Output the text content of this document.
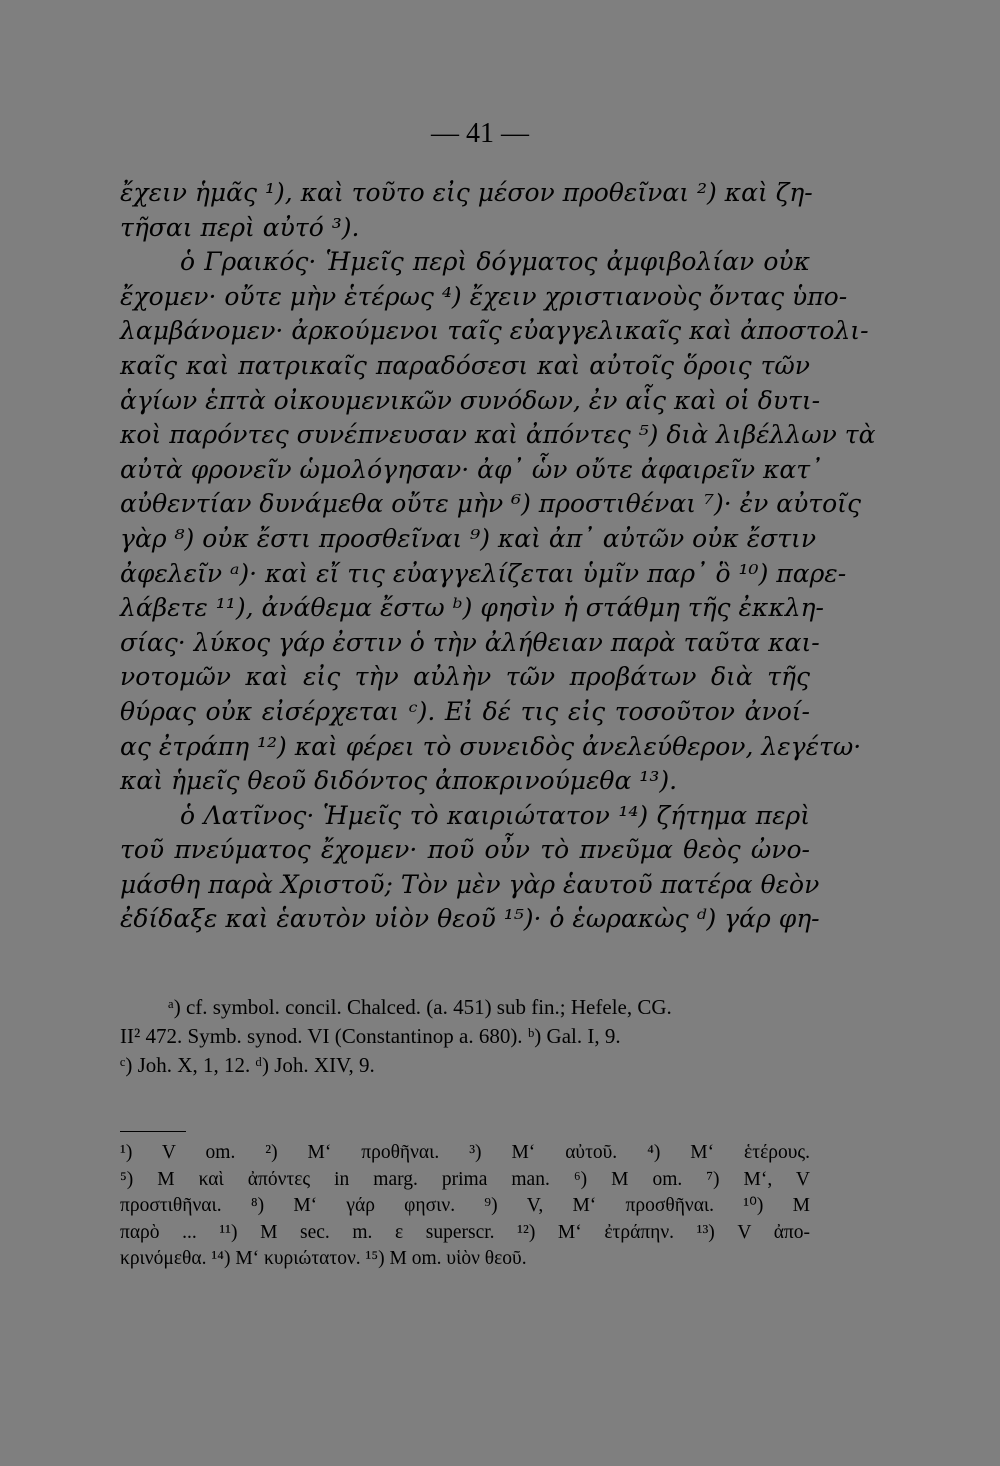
— 41 —
ἔχειν ἡμᾶς ¹), καὶ τοῦτο εἰς μέσον προθεῖναι ²) καὶ ζη-
τῆσαι περὶ αὐτό ³).
ὁ Γραικός· Ἡμεῖς περὶ δόγματος ἀμφιβολίαν οὐκ
ἔχομεν· οὔτε μὴν ἑτέρως ⁴) ἔχειν χριστιανοὺς ὄντας ὑπο-
λαμβάνομεν· ἀρκούμενοι ταῖς εὐαγγελικαῖς καὶ ἀποστολι-
καῖς καὶ πατρικαῖς παραδόσεσι καὶ αὐτοῖς ὅροις τῶν
ἁγίων ἑπτὰ οἰκουμενικῶν συνόδων, ἐν αἷς καὶ οἱ δυτι-
κοὶ παρόντες συνέπνευσαν καὶ ἀπόντες ⁵) διὰ λιβέλλων τὰ
αὐτὰ φρονεῖν ὡμολόγησαν· ἀφ᾽ ὧν οὔτε ἀφαιρεῖν κατ᾽
αὐθεντίαν δυνάμεθα οὔτε μὴν ⁶) προστιθέναι ⁷)· ἐν αὐτοῖς
γὰρ ⁸) οὐκ ἔστι προσθεῖναι ⁹) καὶ ἀπ᾽ αὐτῶν οὐκ ἔστιν
ἀφελεῖν ᵃ)· καὶ εἴ τις εὐαγγελίζεται ὑμῖν παρ᾽ ὃ ¹⁰) παρε-
λάβετε ¹¹), ἀνάθεμα ἔστω ᵇ) φησὶν ἡ στάθμη τῆς ἐκκλη-
σίας· λύκος γάρ ἐστιν ὁ τὴν ἀλήθειαν παρὰ ταῦτα και-
νοτομῶν καὶ εἰς τὴν αὐλὴν τῶν προβάτων διὰ τῆς
θύρας οὐκ εἰσέρχεται ᶜ). Εἰ δέ τις εἰς τοσοῦτον ἀνοί-
ας ἐτράπη ¹²) καὶ φέρει τὸ συνειδὸς ἀνελεύθερον, λεγέτω·
καὶ ἡμεῖς θεοῦ διδόντος ἀποκρινούμεθα ¹³).
ὁ Λατῖνος· Ἡμεῖς τὸ καιριώτατον ¹⁴) ζήτημα περὶ
τοῦ πνεύματος ἔχομεν· ποῦ οὖν τὸ πνεῦμα θεὸς ὠνο-
μάσθη παρὰ Χριστοῦ; Τὸν μὲν γὰρ ἑαυτοῦ πατέρα θεὸν
ἐδίδαξε καὶ ἑαυτὸν υἱὸν θεοῦ ¹⁵)· ὁ ἑωρακὼς ᵈ) γάρ φη-
ᵃ) cf. symbol. concil. Chalced. (a. 451) sub fin.; Hefele, CG.
II² 472. Symb. synod. VI (Constantinop a. 680). ᵇ) Gal. I, 9.
ᶜ) Joh. X, 1, 12. ᵈ) Joh. XIV, 9.
¹) V om. ²) Mʻ προθῆναι. ³) Mʻ αὐτοῦ. ⁴) Mʻ ἑτέρους.
⁵) M καὶ ἀπόντες in marg. prima man. ⁶) M om. ⁷) Mʻ, V
προστιθῆναι. ⁸) Mʻ γάρ φησιν. ⁹) V, Mʻ προσθῆναι. ¹⁰) M
παρὸ ... ¹¹) M sec. m. ε superscr. ¹²) Mʻ ἐτράπην. ¹³) V ἀπο-
κρινόμεθα. ¹⁴) Mʻ κυριώτατον. ¹⁵) M om. υἱὸν θεοῦ.
